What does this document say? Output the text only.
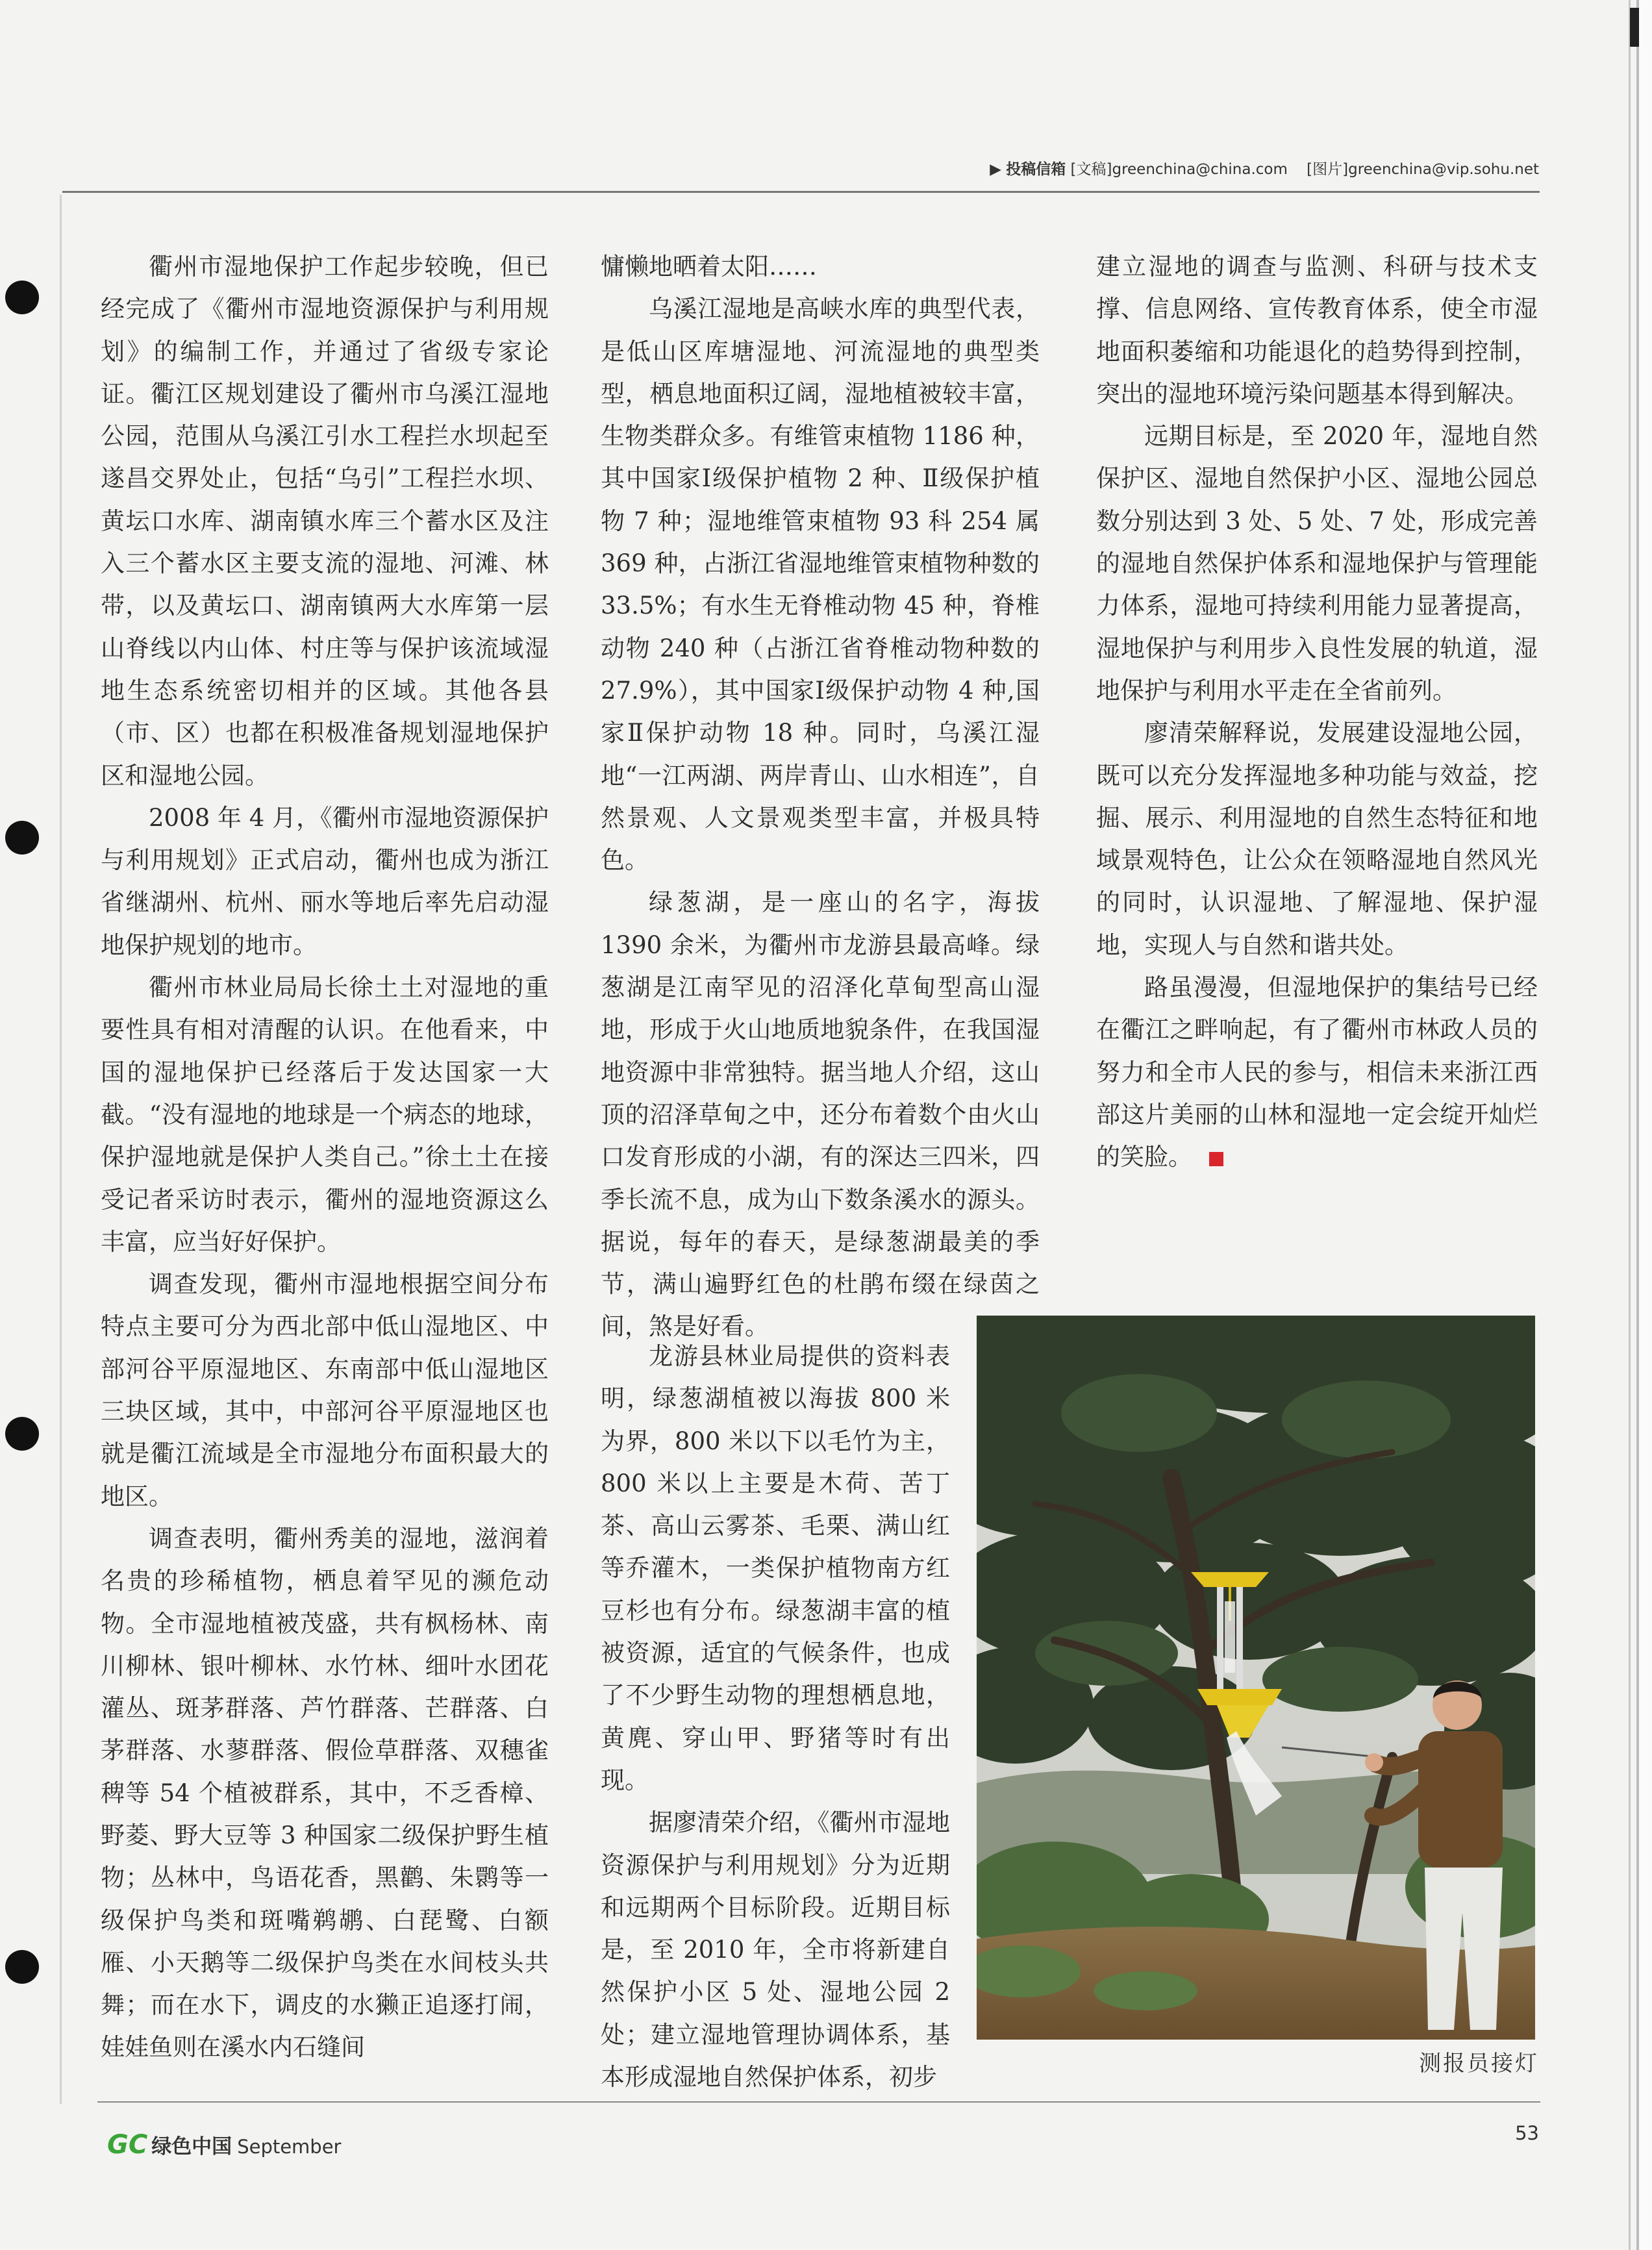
▶ 投稿信箱 [文稿]greenchina@china.com [图片]greenchina@vip.sohu.net

衢州市湿地保护工作起步较晚，但已经完成了《衢州市湿地资源保护与利用规划》的编制工作，并通过了省级专家论证。衢江区规划建设了衢州市乌溪江湿地公园，范围从乌溪江引水工程拦水坝起至遂昌交界处止，包括“乌引”工程拦水坝、黄坛口水库、湖南镇水库三个蓄水区及注入三个蓄水区主要支流的湿地、河滩、林带，以及黄坛口、湖南镇两大水库第一层山脊线以内山体、村庄等与保护该流域湿地生态系统密切相并的区域。其他各县（市、区）也都在积极准备规划湿地保护区和湿地公园。

2008 年 4 月，《衢州市湿地资源保护与利用规划》正式启动，衢州也成为浙江省继湖州、杭州、丽水等地后率先启动湿地保护规划的地市。

衢州市林业局局长徐土土对湿地的重要性具有相对清醒的认识。在他看来，中国的湿地保护已经落后于发达国家一大截。“没有湿地的地球是一个病态的地球，保护湿地就是保护人类自己。”徐土土在接受记者采访时表示，衢州的湿地资源这么丰富，应当好好保护。

调查发现，衢州市湿地根据空间分布特点主要可分为西北部中低山湿地区、中部河谷平原湿地区、东南部中低山湿地区三块区域，其中，中部河谷平原湿地区也就是衢江流域是全市湿地分布面积最大的地区。

调查表明，衢州秀美的湿地，滋润着名贵的珍稀植物，栖息着罕见的濒危动物。全市湿地植被茂盛，共有枫杨林、南川柳林、银叶柳林、水竹林、细叶水团花灌丛、斑茅群落、芦竹群落、芒群落、白茅群落、水蓼群落、假俭草群落、双穗雀稗等 54 个植被群系，其中，不乏香樟、野菱、野大豆等 3 种国家二级保护野生植物；丛林中，鸟语花香，黑鹳、朱鹮等一级保护鸟类和斑嘴鹈鹕、白琵鹭、白额雁、小天鹅等二级保护鸟类在水间枝头共舞；而在水下，调皮的水獭正追逐打闹，娃娃鱼则在溪水内石缝间

慵懒地晒着太阳……

乌溪江湿地是高峡水库的典型代表，是低山区库塘湿地、河流湿地的典型类型，栖息地面积辽阔，湿地植被较丰富，生物类群众多。有维管束植物 1186 种，其中国家Ⅰ级保护植物 2 种、Ⅱ级保护植物 7 种；湿地维管束植物 93 科 254 属 369 种，占浙江省湿地维管束植物种数的 33.5%；有水生无脊椎动物 45 种，脊椎动物 240 种（占浙江省脊椎动物种数的 27.9%），其中国家Ⅰ级保护动物 4 种,国家Ⅱ保护动物 18 种。同时，乌溪江湿地“一江两湖、两岸青山、山水相连”，自然景观、人文景观类型丰富，并极具特色。

绿葱湖，是一座山的名字，海拔 1390 余米，为衢州市龙游县最高峰。绿葱湖是江南罕见的沼泽化草甸型高山湿地，形成于火山地质地貌条件，在我国湿地资源中非常独特。据当地人介绍，这山顶的沼泽草甸之中，还分布着数个由火山口发育形成的小湖，有的深达三四米，四季长流不息，成为山下数条溪水的源头。据说，每年的春天，是绿葱湖最美的季节，满山遍野红色的杜鹃布缀在绿茵之间，煞是好看。

龙游县林业局提供的资料表明，绿葱湖植被以海拔 800 米为界，800 米以下以毛竹为主，800 米以上主要是木荷、苦丁茶、高山云雾茶、毛栗、满山红等乔灌木，一类保护植物南方红豆杉也有分布。绿葱湖丰富的植被资源，适宜的气候条件，也成了不少野生动物的理想栖息地，黄麂、穿山甲、野猪等时有出现。

据廖清荣介绍，《衢州市湿地资源保护与利用规划》分为近期和远期两个目标阶段。近期目标是，至 2010 年，全市将新建自然保护小区 5 处、湿地公园 2 处；建立湿地管理协调体系，基本形成湿地自然保护体系，初步

建立湿地的调查与监测、科研与技术支撑、信息网络、宣传教育体系，使全市湿地面积萎缩和功能退化的趋势得到控制，突出的湿地环境污染问题基本得到解决。

远期目标是，至 2020 年，湿地自然保护区、湿地自然保护小区、湿地公园总数分别达到 3 处、5 处、7 处，形成完善的湿地自然保护体系和湿地保护与管理能力体系，湿地可持续利用能力显著提高，湿地保护与利用步入良性发展的轨道，湿地保护与利用水平走在全省前列。

廖清荣解释说，发展建设湿地公园，既可以充分发挥湿地多种功能与效益，挖掘、展示、利用湿地的自然生态特征和地域景观特色，让公众在领略湿地自然风光的同时，认识湿地、了解湿地、保护湿地，实现人与自然和谐共处。

路虽漫漫，但湿地保护的集结号已经在衢江之畔响起，有了衢州市林政人员的努力和全市人民的参与，相信未来浙江西部这片美丽的山林和湿地一定会绽开灿烂的笑脸。

测报员接灯
GC 绿色中国 September
53
